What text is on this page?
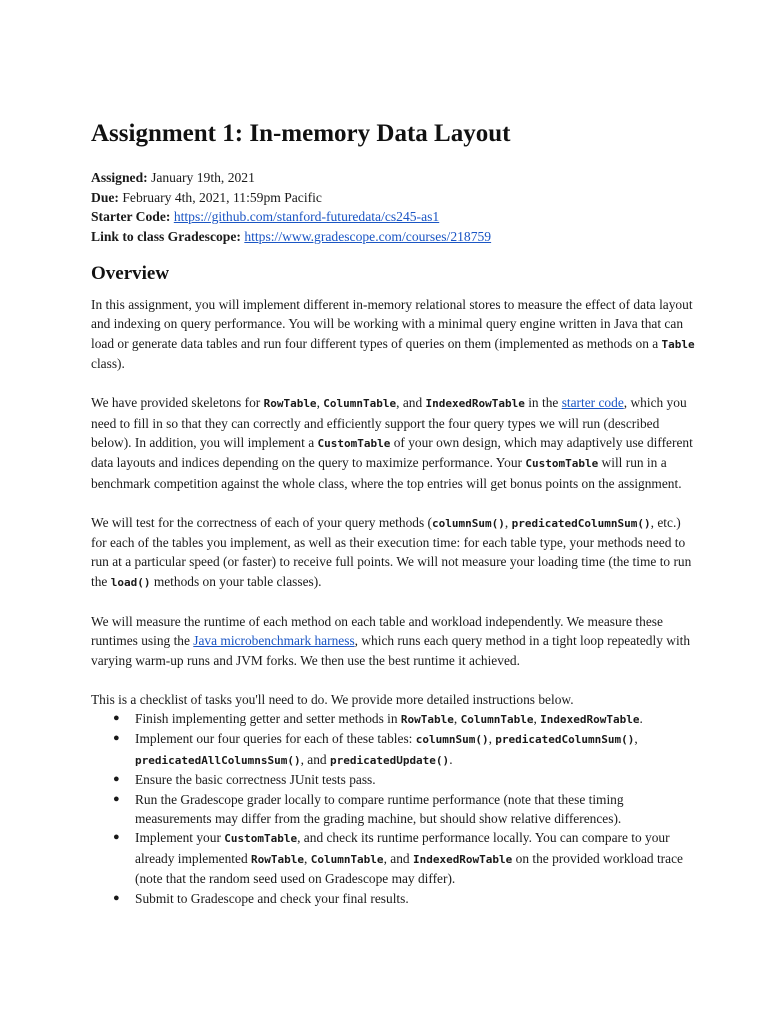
Assignment 1: In-memory Data Layout
Assigned: January 19th, 2021
Due: February 4th, 2021, 11:59pm Pacific
Starter Code: https://github.com/stanford-futuredata/cs245-as1
Link to class Gradescope: https://www.gradescope.com/courses/218759
Overview

In this assignment, you will implement different in-memory relational stores to measure the effect of data layout and indexing on query performance. You will be working with a minimal query engine written in Java that can load or generate data tables and run four different types of queries on them (implemented as methods on a Table class).

We have provided skeletons for RowTable, ColumnTable, and IndexedRowTable in the starter code, which you need to fill in so that they can correctly and efficiently support the four query types we will run (described below). In addition, you will implement a CustomTable of your own design, which may adaptively use different data layouts and indices depending on the query to maximize performance. Your CustomTable will run in a benchmark competition against the whole class, where the top entries will get bonus points on the assignment.

We will test for the correctness of each of your query methods (columnSum(), predicatedColumnSum(), etc.) for each of the tables you implement, as well as their execution time: for each table type, your methods need to run at a particular speed (or faster) to receive full points. We will not measure your loading time (the time to run the load() methods on your table classes).

We will measure the runtime of each method on each table and workload independently. We measure these runtimes using the Java microbenchmark harness, which runs each query method in a tight loop repeatedly with varying warm-up runs and JVM forks. We then use the best runtime it achieved.

This is a checklist of tasks you'll need to do. We provide more detailed instructions below.

● Finish implementing getter and setter methods in RowTable, ColumnTable, IndexedRowTable.
● Implement our four queries for each of these tables: columnSum(), predicatedColumnSum(), predicatedAllColumnsSum(), and predicatedUpdate().
● Ensure the basic correctness JUnit tests pass.
● Run the Gradescope grader locally to compare runtime performance (note that these timing measurements may differ from the grading machine, but should show relative differences).
● Implement your CustomTable, and check its runtime performance locally. You can compare to your already implemented RowTable, ColumnTable, and IndexedRowTable on the provided workload trace (note that the random seed used on Gradescope may differ).
● Submit to Gradescope and check your final results.
